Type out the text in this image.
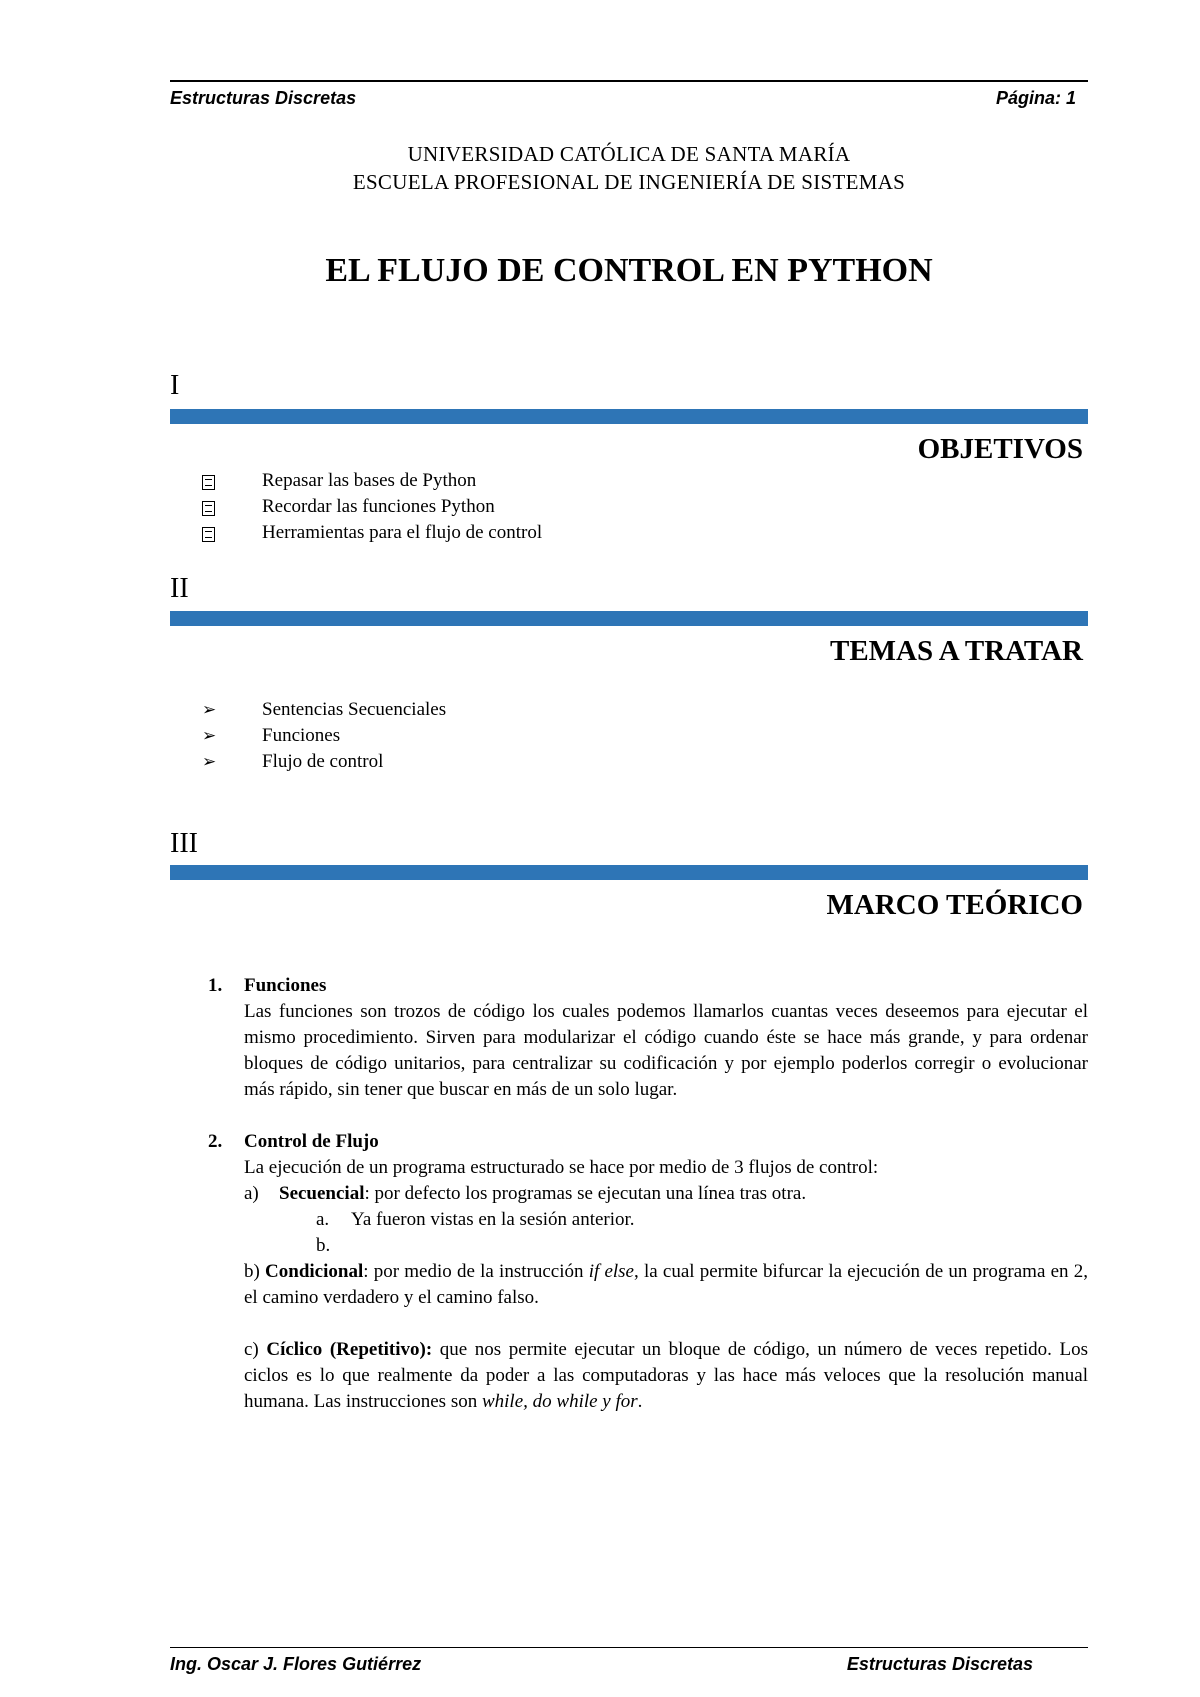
Estructuras Discretas	Página: 1
UNIVERSIDAD CATÓLICA DE SANTA MARÍA
ESCUELA PROFESIONAL DE INGENIERÍA DE SISTEMAS
EL FLUJO DE CONTROL EN PYTHON
I
OBJETIVOS
Repasar las bases de Python
Recordar las funciones Python
Herramientas para el flujo de control
II
TEMAS A TRATAR
➢ Sentencias Secuenciales
➢ Funciones
➢ Flujo de control
III
MARCO TEÓRICO
1. Funciones

Las funciones son trozos de código los cuales podemos llamarlos cuantas veces deseemos para ejecutar el mismo procedimiento. Sirven para modularizar el código cuando éste se hace más grande, y para ordenar bloques de código unitarios, para centralizar su codificación y por ejemplo poderlos corregir o evolucionar más rápido, sin tener que buscar en más de un solo lugar.

2. Control de Flujo

La ejecución de un programa estructurado se hace por medio de 3 flujos de control:

a) Secuencial: por defecto los programas se ejecutan una línea tras otra.

a. Ya fueron vistas en la sesión anterior.

b.

b) Condicional: por medio de la instrucción if else, la cual permite bifurcar la ejecución de un programa en 2, el camino verdadero y el camino falso.

c) Cíclico (Repetitivo): que nos permite ejecutar un bloque de código, un número de veces repetido. Los ciclos es lo que realmente da poder a las computadoras y las hace más veloces que la resolución manual humana. Las instrucciones son while, do while y for.

Ing. Oscar J. Flores Gutiérrez	Estructuras Discretas
